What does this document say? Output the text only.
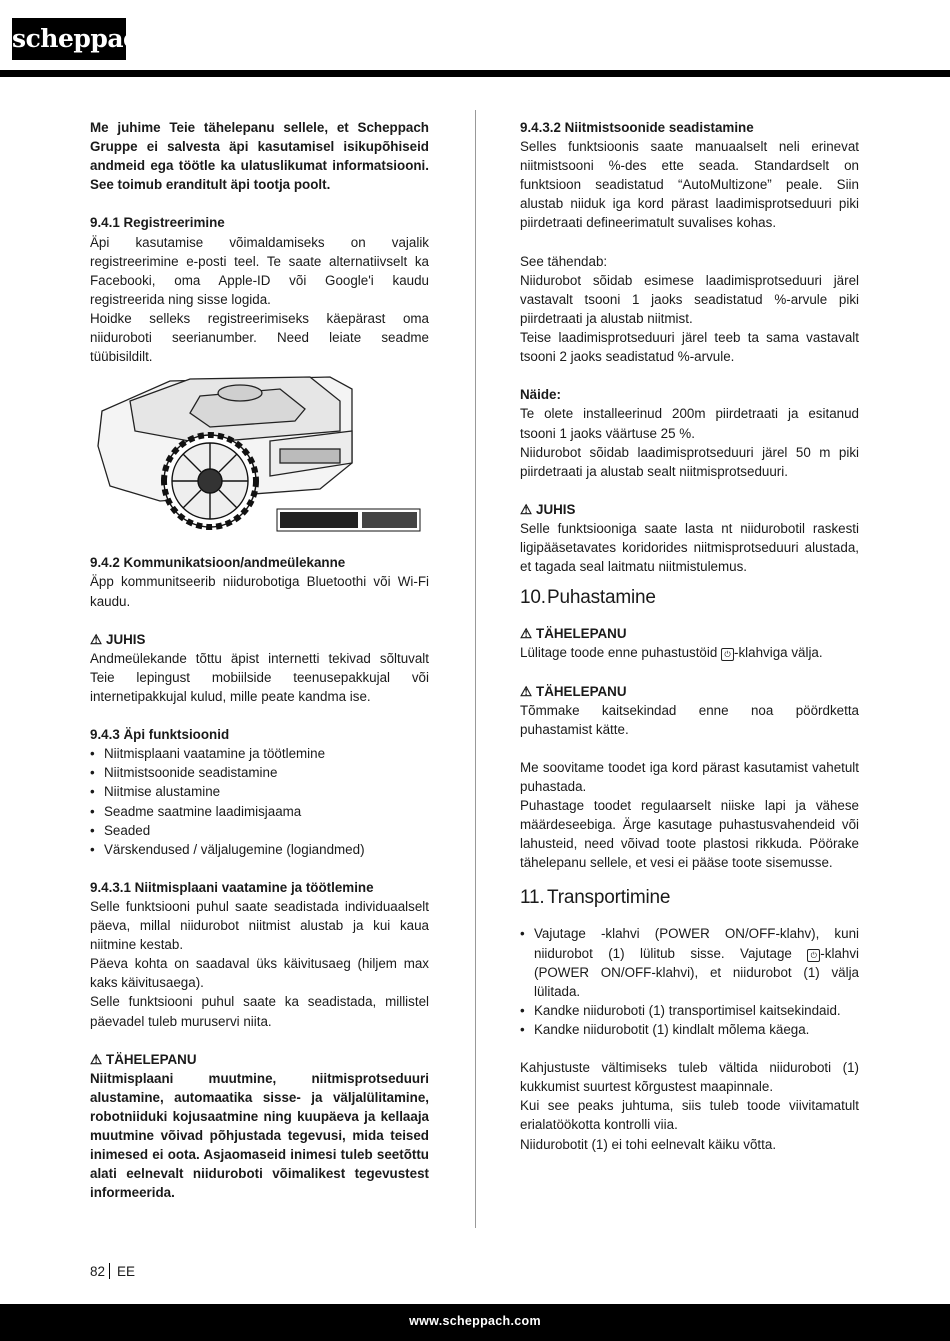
scheppach

Me juhime Teie tähelepanu sellele, et Scheppach Gruppe ei salvesta äpi kasutamisel isikupõhiseid andmeid ega töötle ka ulatuslikumat informatsiooni. See toimub eranditult äpi tootja poolt.

9.4.1 Registreerimine

Äpi kasutamise võimaldamiseks on vajalik registreerimine e-posti teel. Te saate alternatiivselt ka Facebooki, oma Apple-ID või Google'i kaudu registreerida ning sisse logida.

Hoidke selleks registreerimiseks käepärast oma niiduroboti seerianumber. Need leiate seadme tüübisildilt.

9.4.2 Kommunikatsioon/andmeülekanne

Äpp kommunitseerib niidurobotiga Bluetoothi või Wi-Fi kaudu.

⚠ JUHIS

Andmeülekande tõttu äpist internetti tekivad sõltuvalt Teie lepingust mobiilside teenusepakkujal või internetipakkujal kulud, mille peate kandma ise.

9.4.3 Äpi funktsioonid

• Niitmisplaani vaatamine ja töötlemine
• Niitmistsoonide seadistamine
• Niitmise alustamine
• Seadme saatmine laadimisjaama
• Seaded
• Värskendused / väljalugemine (logiandmed)

9.4.3.1 Niitmisplaani vaatamine ja töötlemine

Selle funktsiooni puhul saate seadistada individuaalselt päeva, millal niidurobot niitmist alustab ja kui kaua niitmine kestab.

Päeva kohta on saadaval üks käivitusaeg (hiljem max kaks käivitusaega).

Selle funktsiooni puhul saate ka seadistada, millistel päevadel tuleb muruservi niita.

⚠ TÄHELEPANU

Niitmisplaani muutmine, niitmisprotseduuri alustamine, automaatika sisse- ja väljalülitamine, robotniiduki kojusaatmine ning kuupäeva ja kellaaja muutmine võivad põhjustada tegevusi, mida teised inimesed ei oota. Asjaomaseid inimesi tuleb seetõttu alati eelnevalt niiduroboti võimalikest tegevustest informeerida.

9.4.3.2 Niitmistsoonide seadistamine

Selles funktsioonis saate manuaalselt neli erinevat niitmistsooni %-des ette seada. Standardselt on funktsioon seadistatud “AutoMultizone” peale. Siin alustab niiduk iga kord pärast laadimisprotseduuri piki piirdetraati defineerimatult suvalises kohas.

See tähendab:

Niidurobot sõidab esimese laadimisprotseduuri järel vastavalt tsooni 1 jaoks seadistatud %-arvule piki piirdetraati ja alustab niitmist.

Teise laadimisprotseduuri järel teeb ta sama vastavalt tsooni 2 jaoks seadistatud %-arvule.

Näide:

Te olete installeerinud 200m piirdetraati ja esitanud tsooni 1 jaoks väärtuse 25 %.

Niidurobot sõidab laadimisprotseduuri järel 50 m piki piirdetraati ja alustab sealt niitmisprotseduuri.

⚠ JUHIS

Selle funktsiooniga saate lasta nt niidurobotil raskesti ligipääsetavates koridorides niitmisprotseduuri alustada, et tagada seal laitmatu niitmistulemus.

10.Puhastamine

⚠ TÄHELEPANU

Lülitage toode enne puhastustöid ⏻ -klahviga välja.

⚠ TÄHELEPANU

Tõmmake kaitsekindad enne noa pöördketta puhastamist kätte.

Me soovitame toodet iga kord pärast kasutamist vahetult puhastada.

Puhastage toodet regulaarselt niiske lapi ja vähese määrdeseebiga. Ärge kasutage puhastusvahendeid või lahusteid, need võivad toote plastosi rikkuda. Pöörake tähelepanu sellele, et vesi ei pääse toote sisemusse.

11. Transportimine
• Vajutage -klahvi (POWER ON/OFF-klahv), kuni niidurobot (1) lülitub sisse. Vajutage ⏻ -klahvi (POWER ON/OFF-klahvi), et niidurobot (1) välja lülitada.
• Kandke niiduroboti (1) transportimisel kaitsekindaid.
• Kandke niidurobotit (1) kindlalt mõlema käega.

Kahjustuste vältimiseks tuleb vältida niiduroboti (1) kukkumist suurtest kõrgustest maapinnale.

Kui see peaks juhtuma, siis tuleb toode viivitamatult erialatöökotta kontrolli viia.

Niidurobotit (1) ei tohi eelnevalt käiku võtta.

82 EE
www.scheppach.com
